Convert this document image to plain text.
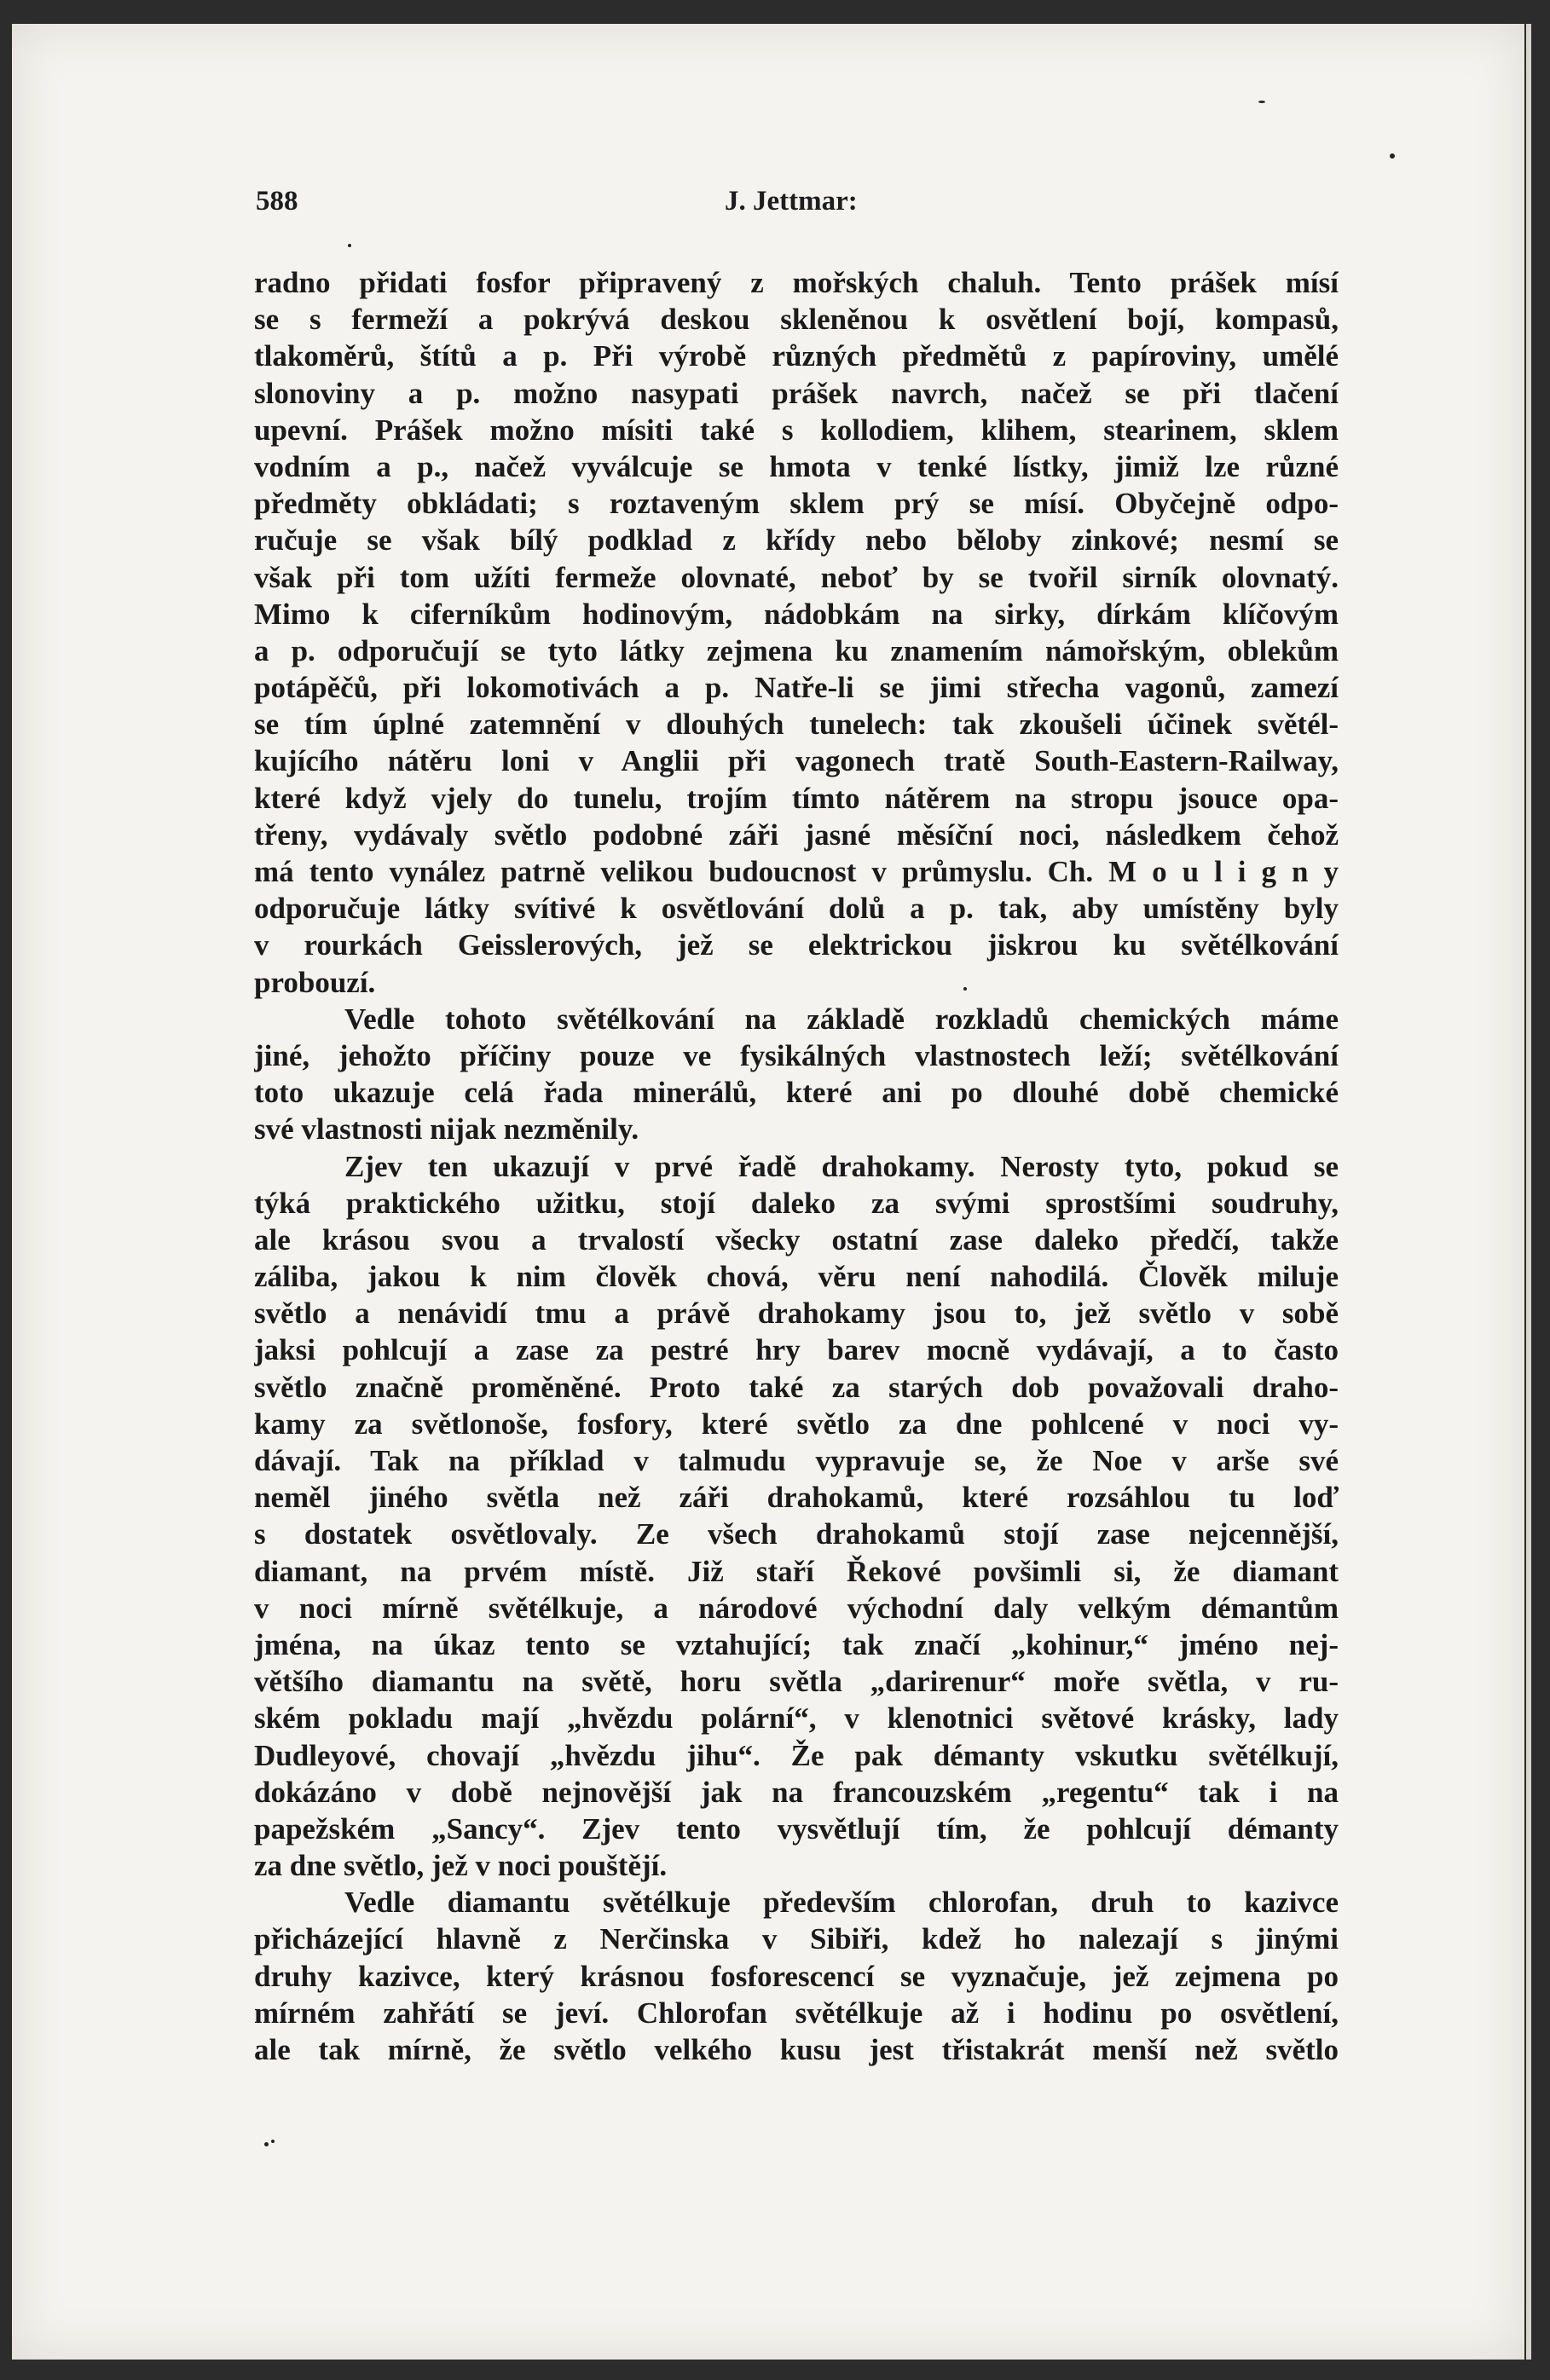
588	J. Jettmar:
radno přidati fosfor připravený z mořských chaluh. Tento prášek mísí
se s fermeží a pokrývá deskou skleněnou k osvětlení bojí, kompasů,
tlakoměrů, štítů a p. Při výrobě různých předmětů z papíroviny, umělé
slonoviny a p. možno nasypati prášek navrch, načež se při tlačení
upevní. Prášek možno mísiti také s kollodiem, klihem, stearinem, sklem
vodním a p., načež vyválcuje se hmota v tenké lístky, jimiž lze různé
předměty obkládati; s roztaveným sklem prý se mísí. Obyčejně odpo-
ručuje se však bílý podklad z křídy nebo běloby zinkové; nesmí se
však při tom užíti fermeže olovnaté, neboť by se tvořil sirník olovnatý.
Mimo k ciferníkům hodinovým, nádobkám na sirky, dírkám klíčovým
a p. odporučují se tyto látky zejmena ku znamením námořským, oblekům
potápěčů, při lokomotivách a p. Natře-li se jimi střecha vagonů, zamezí
se tím úplné zatemnění v dlouhých tunelech: tak zkoušeli účinek světél-
kujícího nátěru loni v Anglii při vagonech tratě South-Eastern-Railway,
které když vjely do tunelu, trojím tímto nátěrem na stropu jsouce opa-
třeny, vydávaly světlo podobné záři jasné měsíční noci, následkem čehož
má tento vynález patrně velikou budoucnost v průmyslu. Ch. M o u l i g n y
odporučuje látky svítivé k osvětlování dolů a p. tak, aby umístěny byly
v rourkách Geisslerových, jež se elektrickou jiskrou ku světélkování
probouzí.
Vedle tohoto světélkování na základě rozkladů chemických máme
jiné, jehožto příčiny pouze ve fysikálných vlastnostech leží; světélkování
toto ukazuje celá řada minerálů, které ani po dlouhé době chemické
své vlastnosti nijak nezměnily.
Zjev ten ukazují v prvé řadě drahokamy. Nerosty tyto, pokud se
týká praktického užitku, stojí daleko za svými sprostšími soudruhy,
ale krásou svou a trvalostí všecky ostatní zase daleko předčí, takže
záliba, jakou k nim člověk chová, věru není nahodilá. Člověk miluje
světlo a nenávidí tmu a právě drahokamy jsou to, jež světlo v sobě
jaksi pohlcují a zase za pestré hry barev mocně vydávají, a to často
světlo značně proměněné. Proto také za starých dob považovali draho-
kamy za světlonoše, fosfory, které světlo za dne pohlcené v noci vy-
dávají. Tak na příklad v talmudu vypravuje se, že Noe v arše své
neměl jiného světla než záři drahokamů, které rozsáhlou tu loď
s dostatek osvětlovaly. Ze všech drahokamů stojí zase nejcennější,
diamant, na prvém místě. Již staří Řekové povšimli si, že diamant
v noci mírně světélkuje, a národové východní daly velkým démantům
jména, na úkaz tento se vztahující; tak značí „kohinur,“ jméno nej-
většího diamantu na světě, horu světla „darirenur“ moře světla, v ru-
ském pokladu mají „hvězdu polární“, v klenotnici světové krásky, lady
Dudleyové, chovají „hvězdu jihu“. Že pak démanty vskutku světélkují,
dokázáno v době nejnovější jak na francouzském „regentu“ tak i na
papežském „Sancy“. Zjev tento vysvětlují tím, že pohlcují démanty
za dne světlo, jež v noci pouštějí.
Vedle diamantu světélkuje především chlorofan, druh to kazivce
přicházející hlavně z Nerčinska v Sibiři, kdež ho nalezají s jinými
druhy kazivce, který krásnou fosforescencí se vyznačuje, jež zejmena po
mírném zahřátí se jeví. Chlorofan světélkuje až i hodinu po osvětlení,
ale tak mírně, že světlo velkého kusu jest třistakrát menší než světlo
